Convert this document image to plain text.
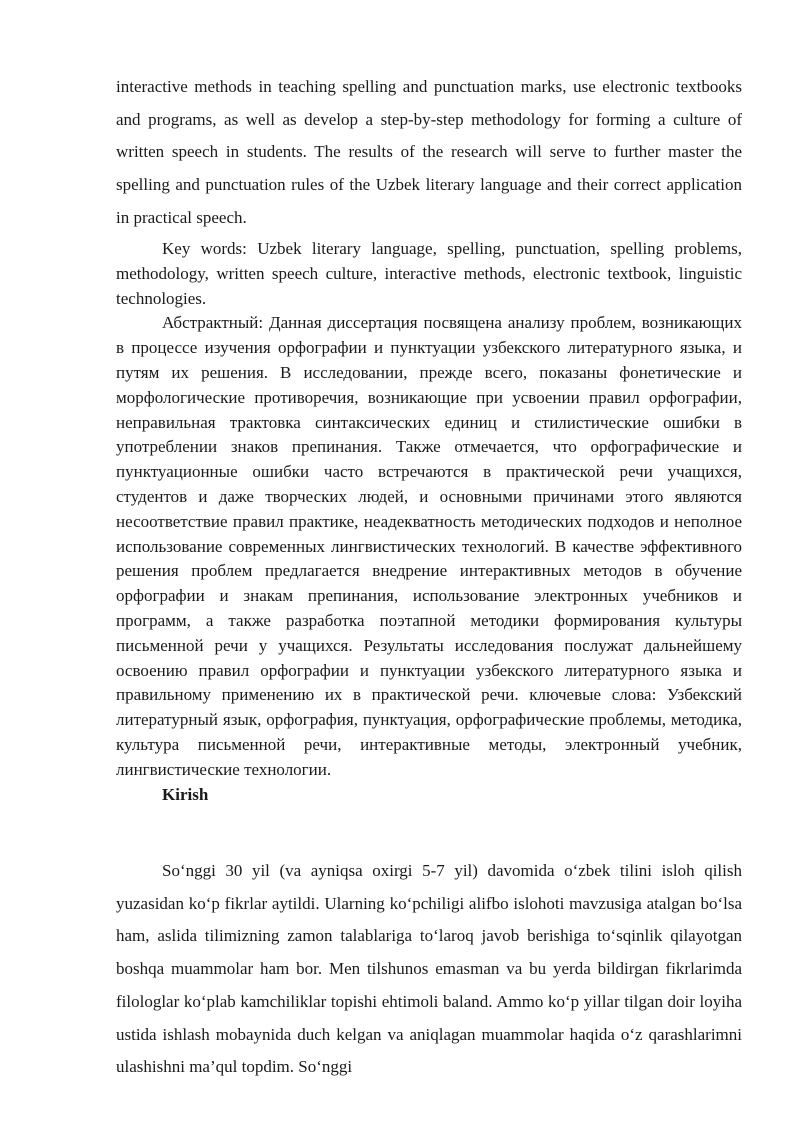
interactive methods in teaching spelling and punctuation marks, use electronic textbooks and programs, as well as develop a step-by-step methodology for forming a culture of written speech in students. The results of the research will serve to further master the spelling and punctuation rules of the Uzbek literary language and their correct application in practical speech.

Key words: Uzbek literary language, spelling, punctuation, spelling problems, methodology, written speech culture, interactive methods, electronic textbook, linguistic technologies.

Абстрактный: Данная диссертация посвящена анализу проблем, возникающих в процессе изучения орфографии и пунктуации узбекского литературного языка, и путям их решения. В исследовании, прежде всего, показаны фонетические и морфологические противоречия, возникающие при усвоении правил орфографии, неправильная трактовка синтаксических единиц и стилистические ошибки в употреблении знаков препинания. Также отмечается, что орфографические и пунктуационные ошибки часто встречаются в практической речи учащихся, студентов и даже творческих людей, и основными причинами этого являются несоответствие правил практике, неадекватность методических подходов и неполное использование современных лингвистических технологий. В качестве эффективного решения проблем предлагается внедрение интерактивных методов в обучение орфографии и знакам препинания, использование электронных учебников и программ, а также разработка поэтапной методики формирования культуры письменной речи у учащихся. Результаты исследования послужат дальнейшему освоению правил орфографии и пунктуации узбекского литературного языка и правильному применению их в практической речи. ключевые слова: Узбекский литературный язык, орфография, пунктуация, орфографические проблемы, методика, культура письменной речи, интерактивные методы, электронный учебник, лингвистические технологии.

Kirish

So‘nggi 30 yil (va ayniqsa oxirgi 5-7 yil) davomida o‘zbek tilini isloh qilish yuzasidan ko‘p fikrlar aytildi. Ularning ko‘pchiligi alifbo islohoti mavzusiga atalgan bo‘lsa ham, aslida tilimizning zamon talablariga to‘laroq javob berishiga to‘sqinlik qilayotgan boshqa muammolar ham bor. Men tilshunos emasman va bu yerda bildirgan fikrlarimda filologlar ko‘plab kamchiliklar topishi ehtimoli baland. Ammo ko‘p yillar tilgan doir loyiha ustida ishlash mobaynida duch kelgan va aniqlagan muammolar haqida o‘z qarashlarimni ulashishni ma’qul topdim. So‘nggi
